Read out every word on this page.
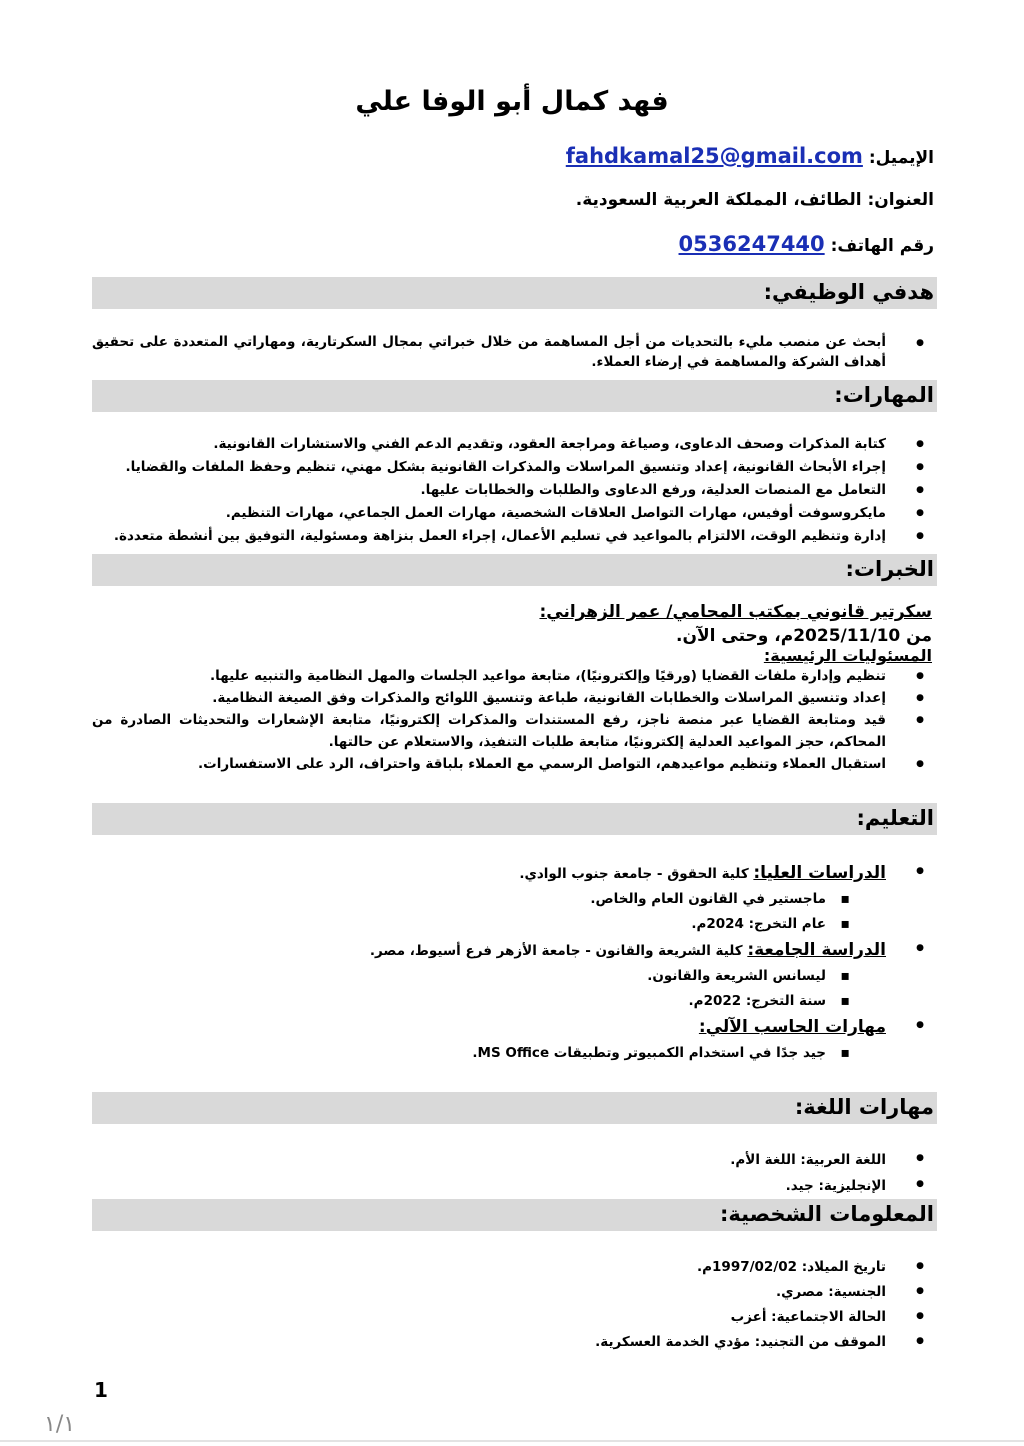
فهد كمال أبو الوفا علي
الإيميل: fahdkamal25@gmail.com
العنوان: الطائف، المملكة العربية السعودية.
رقم الهاتف: 0536247440
هدفي الوظيفي:
● أبحث عن منصب مليء بالتحديات من أجل المساهمة من خلال خبراتي بمجال السكرتارية، ومهاراتي المتعددة على تحقيق أهداف الشركة والمساهمة في إرضاء العملاء.
المهارات:
● كتابة المذكرات وصحف الدعاوى، وصياغة ومراجعة العقود، وتقديم الدعم الفني والاستشارات القانونية.
● إجراء الأبحاث القانونية، إعداد وتنسيق المراسلات والمذكرات القانونية بشكل مهني، تنظيم وحفظ الملفات والقضايا.
● التعامل مع المنصات العدلية، ورفع الدعاوى والطلبات والخطابات عليها.
● مايكروسوفت أوفيس، مهارات التواصل العلاقات الشخصية، مهارات العمل الجماعي، مهارات التنظيم.
● إدارة وتنظيم الوقت، الالتزام بالمواعيد في تسليم الأعمال، إجراء العمل بنزاهة ومسئولية، التوفيق بين أنشطة متعددة.
الخبرات:
سكرتير قانوني بمكتب المحامي/ عمر الزهراني:
من 2025/11/10م، وحتى الآن.
المسئوليات الرئيسية:
● تنظيم وإدارة ملفات القضايا (ورقيًا وإلكترونيًا)، متابعة مواعيد الجلسات والمهل النظامية والتنبيه عليها.
● إعداد وتنسيق المراسلات والخطابات القانونية، طباعة وتنسيق اللوائح والمذكرات وفق الصيغة النظامية.
● قيد ومتابعة القضايا عبر منصة ناجز، رفع المستندات والمذكرات إلكترونيًا، متابعة الإشعارات والتحديثات الصادرة من المحاكم، حجز المواعيد العدلية إلكترونيًا، متابعة طلبات التنفيذ، والاستعلام عن حالتها.
● استقبال العملاء وتنظيم مواعيدهم، التواصل الرسمي مع العملاء بلباقة واحتراف، الرد على الاستفسارات.
التعليم:
● الدراسات العليا: كلية الحقوق - جامعة جنوب الوادي.
▪ ماجستير في القانون العام والخاص.
▪ عام التخرج: 2024م.
● الدراسة الجامعة: كلية الشريعة والقانون - جامعة الأزهر فرع أسيوط، مصر.
▪ ليسانس الشريعة والقانون.
▪ سنة التخرج: 2022م.
● مهارات الحاسب الآلي:
▪ جيد جدًا في استخدام الكمبيوتر وتطبيقات MS Office.
مهارات اللغة:
● اللغة العربية: اللغة الأم.
● الإنجليزية: جيد.
المعلومات الشخصية:
● تاريخ الميلاد: 1997/02/02م.
● الجنسية: مصري.
● الحالة الاجتماعية: أعزب
● الموقف من التجنيد: مؤدي الخدمة العسكرية.
1
١/١
